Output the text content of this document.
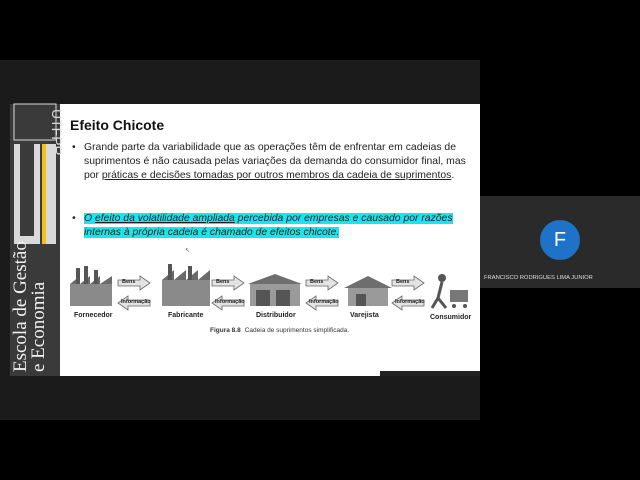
UTFPR
Escola de Gestão
e Economia
Efeito Chicote
• Grande parte da variabilidade que as operações têm de enfrentar em cadeias de suprimentos é não causada pelas variações da demanda do consumidor final, mas por práticas e decisões tomadas por outros membros da cadeia de suprimentos.
• O efeito da volatilidade ampliada percebida por empresas e causado por razões internas à própria cadeia é chamado de efeitos chicote.
↖
Bens	Bens	Bens	Bens
Informação	Informação	Informação	Informação
Fornecedor	Fabricante	Distribuidor	Varejista	Consumidor
Figura 8.8 Cadeia de suprimentos simplificada.
F
FRANCISCO RODRIGUES LIMA JUNIOR
